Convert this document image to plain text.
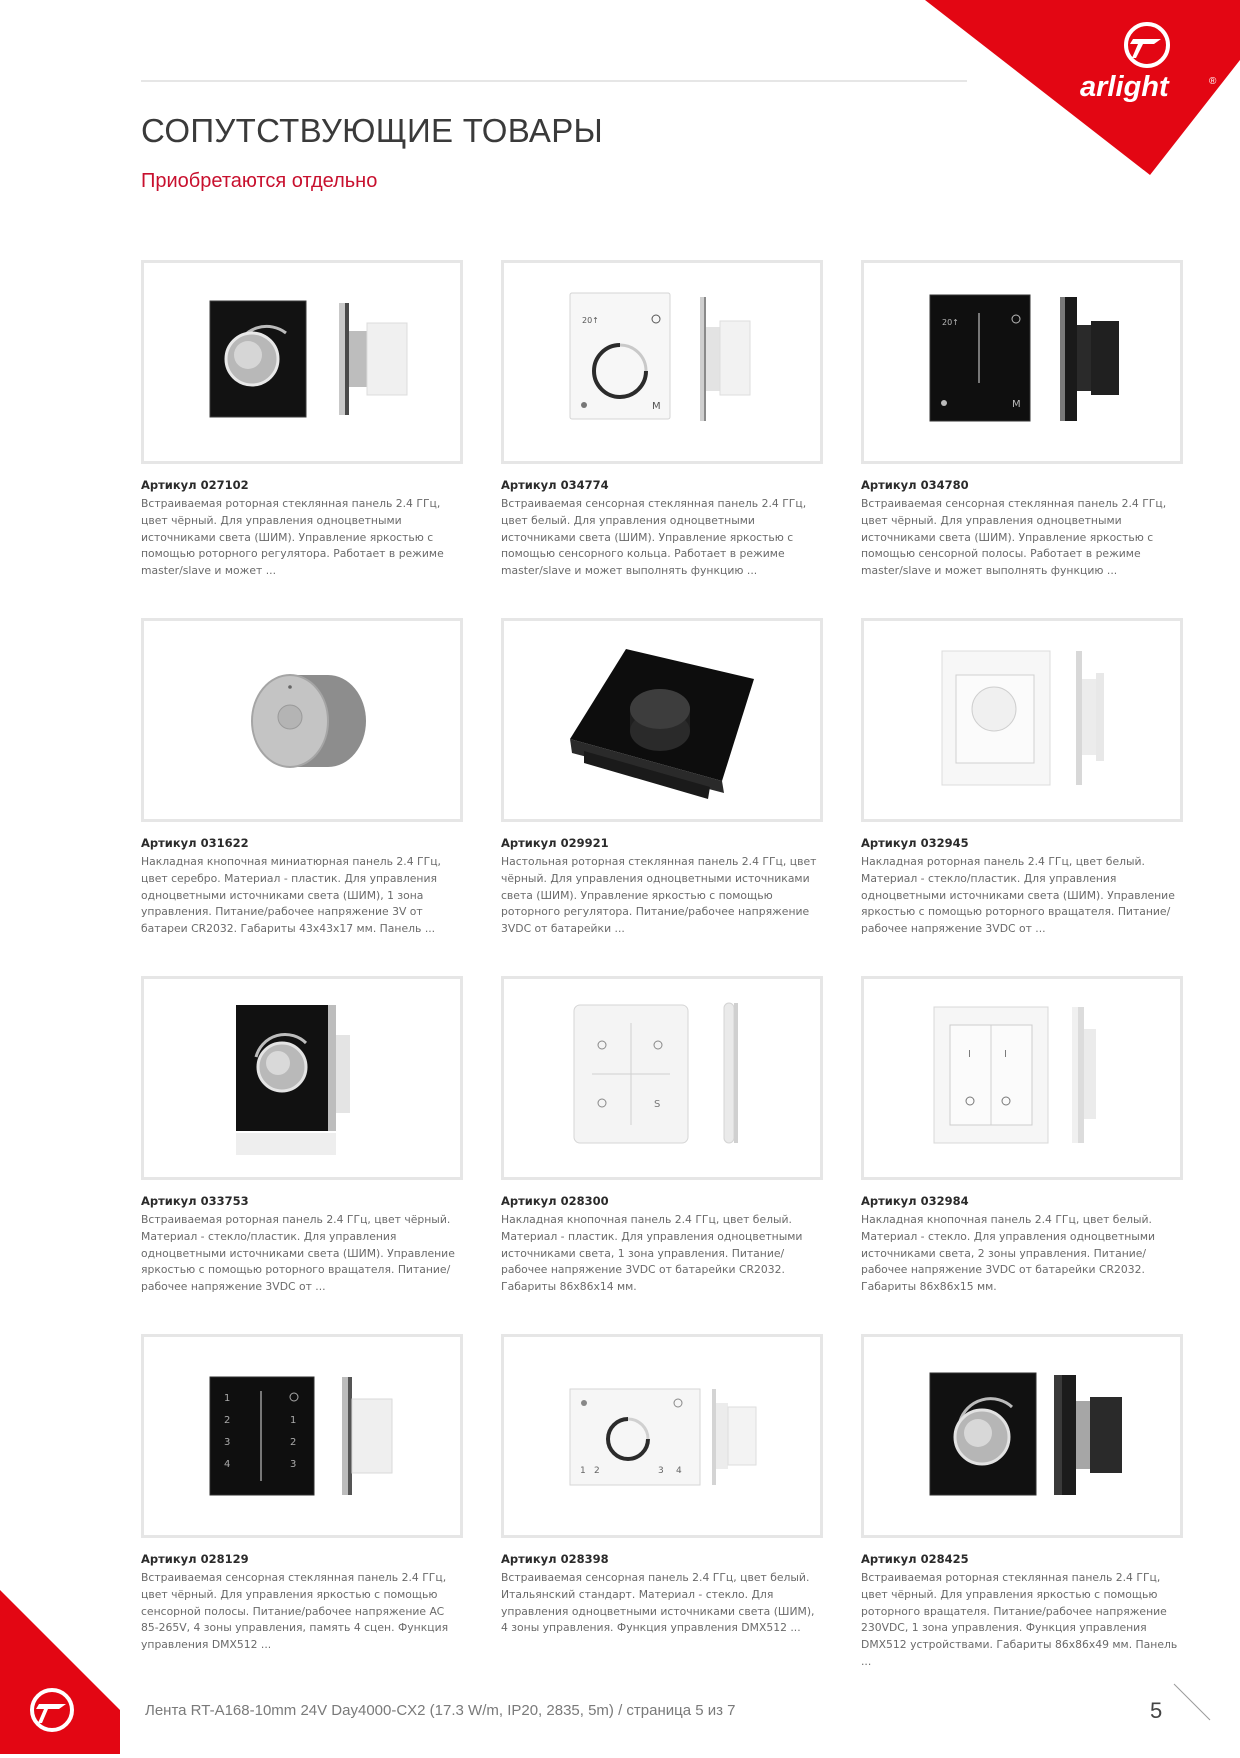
arlight	®
СОПУТСТВУЮЩИЕ ТОВАРЫ

Приобретаются отдельно

Артикул 027102

Встраиваемая роторная стеклянная панель 2.4 ГГц, цвет чёрный. Для управления одноцветными источниками света (ШИМ). Управление яркостью с помощью роторного регулятора. Работает в режиме master/slave и может ...

20↑
M

Артикул 034774

Встраиваемая сенсорная стеклянная панель 2.4 ГГц, цвет белый. Для управления одноцветными источниками света (ШИМ). Управление яркостью с помощью сенсорного кольца. Работает в режиме master/slave и может выполнять функцию ...

20↑
M

Артикул 034780

Встраиваемая сенсорная стеклянная панель 2.4 ГГц, цвет чёрный. Для управления одноцветными источниками света (ШИМ). Управление яркостью с помощью сенсорной полосы. Работает в режиме master/slave и может выполнять функцию ...

Артикул 031622

Накладная кнопочная миниатюрная панель 2.4 ГГц, цвет серебро. Материал - пластик. Для управления одноцветными источниками света (ШИМ), 1 зона управления. Питание/рабочее напряжение 3V от батареи CR2032. Габариты 43x43x17 мм. Панель ...

Артикул 029921

Настольная роторная стеклянная панель 2.4 ГГц, цвет чёрный. Для управления одноцветными источниками света (ШИМ). Управление яркостью с помощью роторного регулятора. Питание/рабочее напряжение 3VDC от батарейки ...

Артикул 032945

Накладная роторная панель 2.4 ГГц, цвет белый. Материал - стекло/пластик. Для управления одноцветными источниками света (ШИМ). Управление яркостью с помощью роторного вращателя. Питание/рабочее напряжение 3VDC от ...

Артикул 033753

Встраиваемая роторная панель 2.4 ГГц, цвет чёрный. Материал - стекло/пластик. Для управления одноцветными источниками света (ШИМ). Управление яркостью с помощью роторного вращателя. Питание/рабочее напряжение 3VDC от ...

S

Артикул 028300

Накладная кнопочная панель 2.4 ГГц, цвет белый. Материал - пластик. Для управления одноцветными источниками света, 1 зона управления. Питание/рабочее напряжение 3VDC от батарейки CR2032. Габариты 86x86x14 мм.

I	I

Артикул 032984

Накладная кнопочная панель 2.4 ГГц, цвет белый. Материал - стекло. Для управления одноцветными источниками света, 2 зоны управления. Питание/рабочее напряжение 3VDC от батарейки CR2032. Габариты 86x86x15 мм.

1
2
3
4
1
2
3

Артикул 028129

Встраиваемая сенсорная стеклянная панель 2.4 ГГц, цвет чёрный. Для управления яркостью с помощью сенсорной полосы. Питание/рабочее напряжение AC 85-265V, 4 зоны управления, память 4 сцен. Функция управления DMX512 ...

1 2	3 4

Артикул 028398

Встраиваемая сенсорная панель 2.4 ГГц, цвет белый. Итальянский стандарт. Материал - стекло. Для управления одноцветными источниками света (ШИМ), 4 зоны управления. Функция управления DMX512 ...

Артикул 028425

Встраиваемая роторная стеклянная панель 2.4 ГГц, цвет чёрный. Для управления яркостью с помощью роторного вращателя. Питание/рабочее напряжение 230VDC, 1 зона управления. Функция управления DMX512 устройствами. Габариты 86x86x49 мм. Панель ...

Лента RT-A168-10mm 24V Day4000-CX2 (17.3 W/m, IP20, 2835, 5m) / страница 5 из 7	5
